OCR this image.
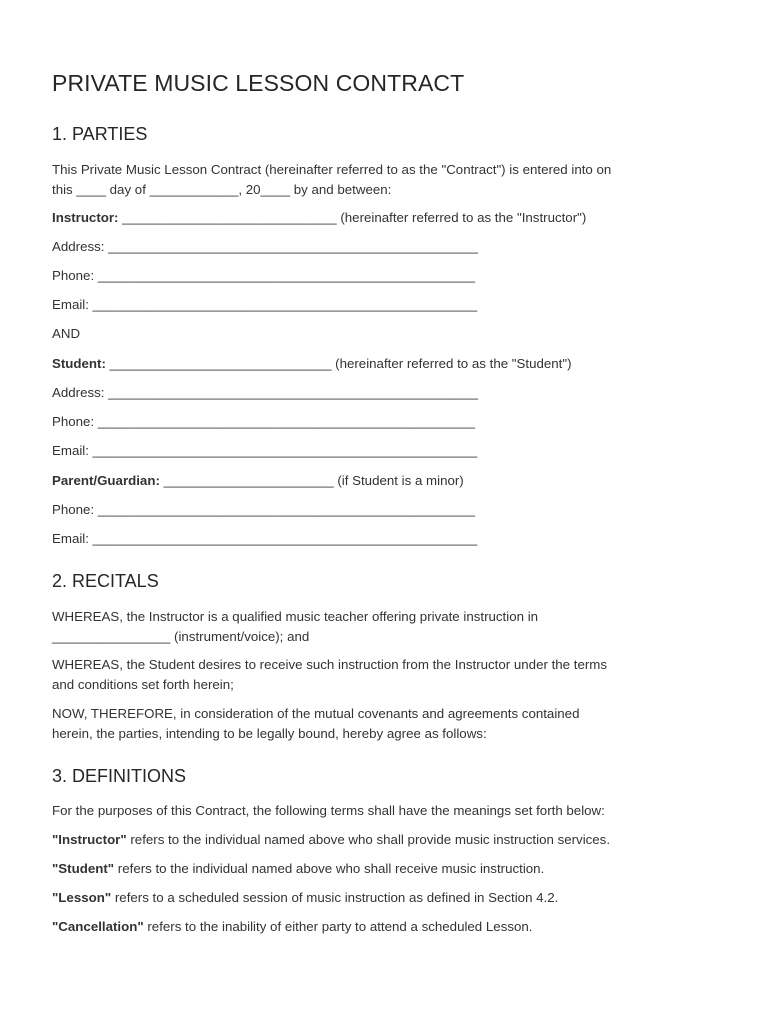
PRIVATE MUSIC LESSON CONTRACT
1. PARTIES
This Private Music Lesson Contract (hereinafter referred to as the "Contract") is entered into on
this ____ day of ____________, 20____ by and between:
Instructor: _____________________________ (hereinafter referred to as the "Instructor")
Address: __________________________________________________
Phone: ___________________________________________________
Email: ____________________________________________________
AND
Student: ______________________________ (hereinafter referred to as the "Student")
Address: __________________________________________________
Phone: ___________________________________________________
Email: ____________________________________________________
Parent/Guardian: _______________________ (if Student is a minor)
Phone: ___________________________________________________
Email: ____________________________________________________
2. RECITALS
WHEREAS, the Instructor is a qualified music teacher offering private instruction in
________________ (instrument/voice); and
WHEREAS, the Student desires to receive such instruction from the Instructor under the terms
and conditions set forth herein;
NOW, THEREFORE, in consideration of the mutual covenants and agreements contained
herein, the parties, intending to be legally bound, hereby agree as follows:
3. DEFINITIONS
For the purposes of this Contract, the following terms shall have the meanings set forth below:
"Instructor" refers to the individual named above who shall provide music instruction services.
"Student" refers to the individual named above who shall receive music instruction.
"Lesson" refers to a scheduled session of music instruction as defined in Section 4.2.
"Cancellation" refers to the inability of either party to attend a scheduled Lesson.
